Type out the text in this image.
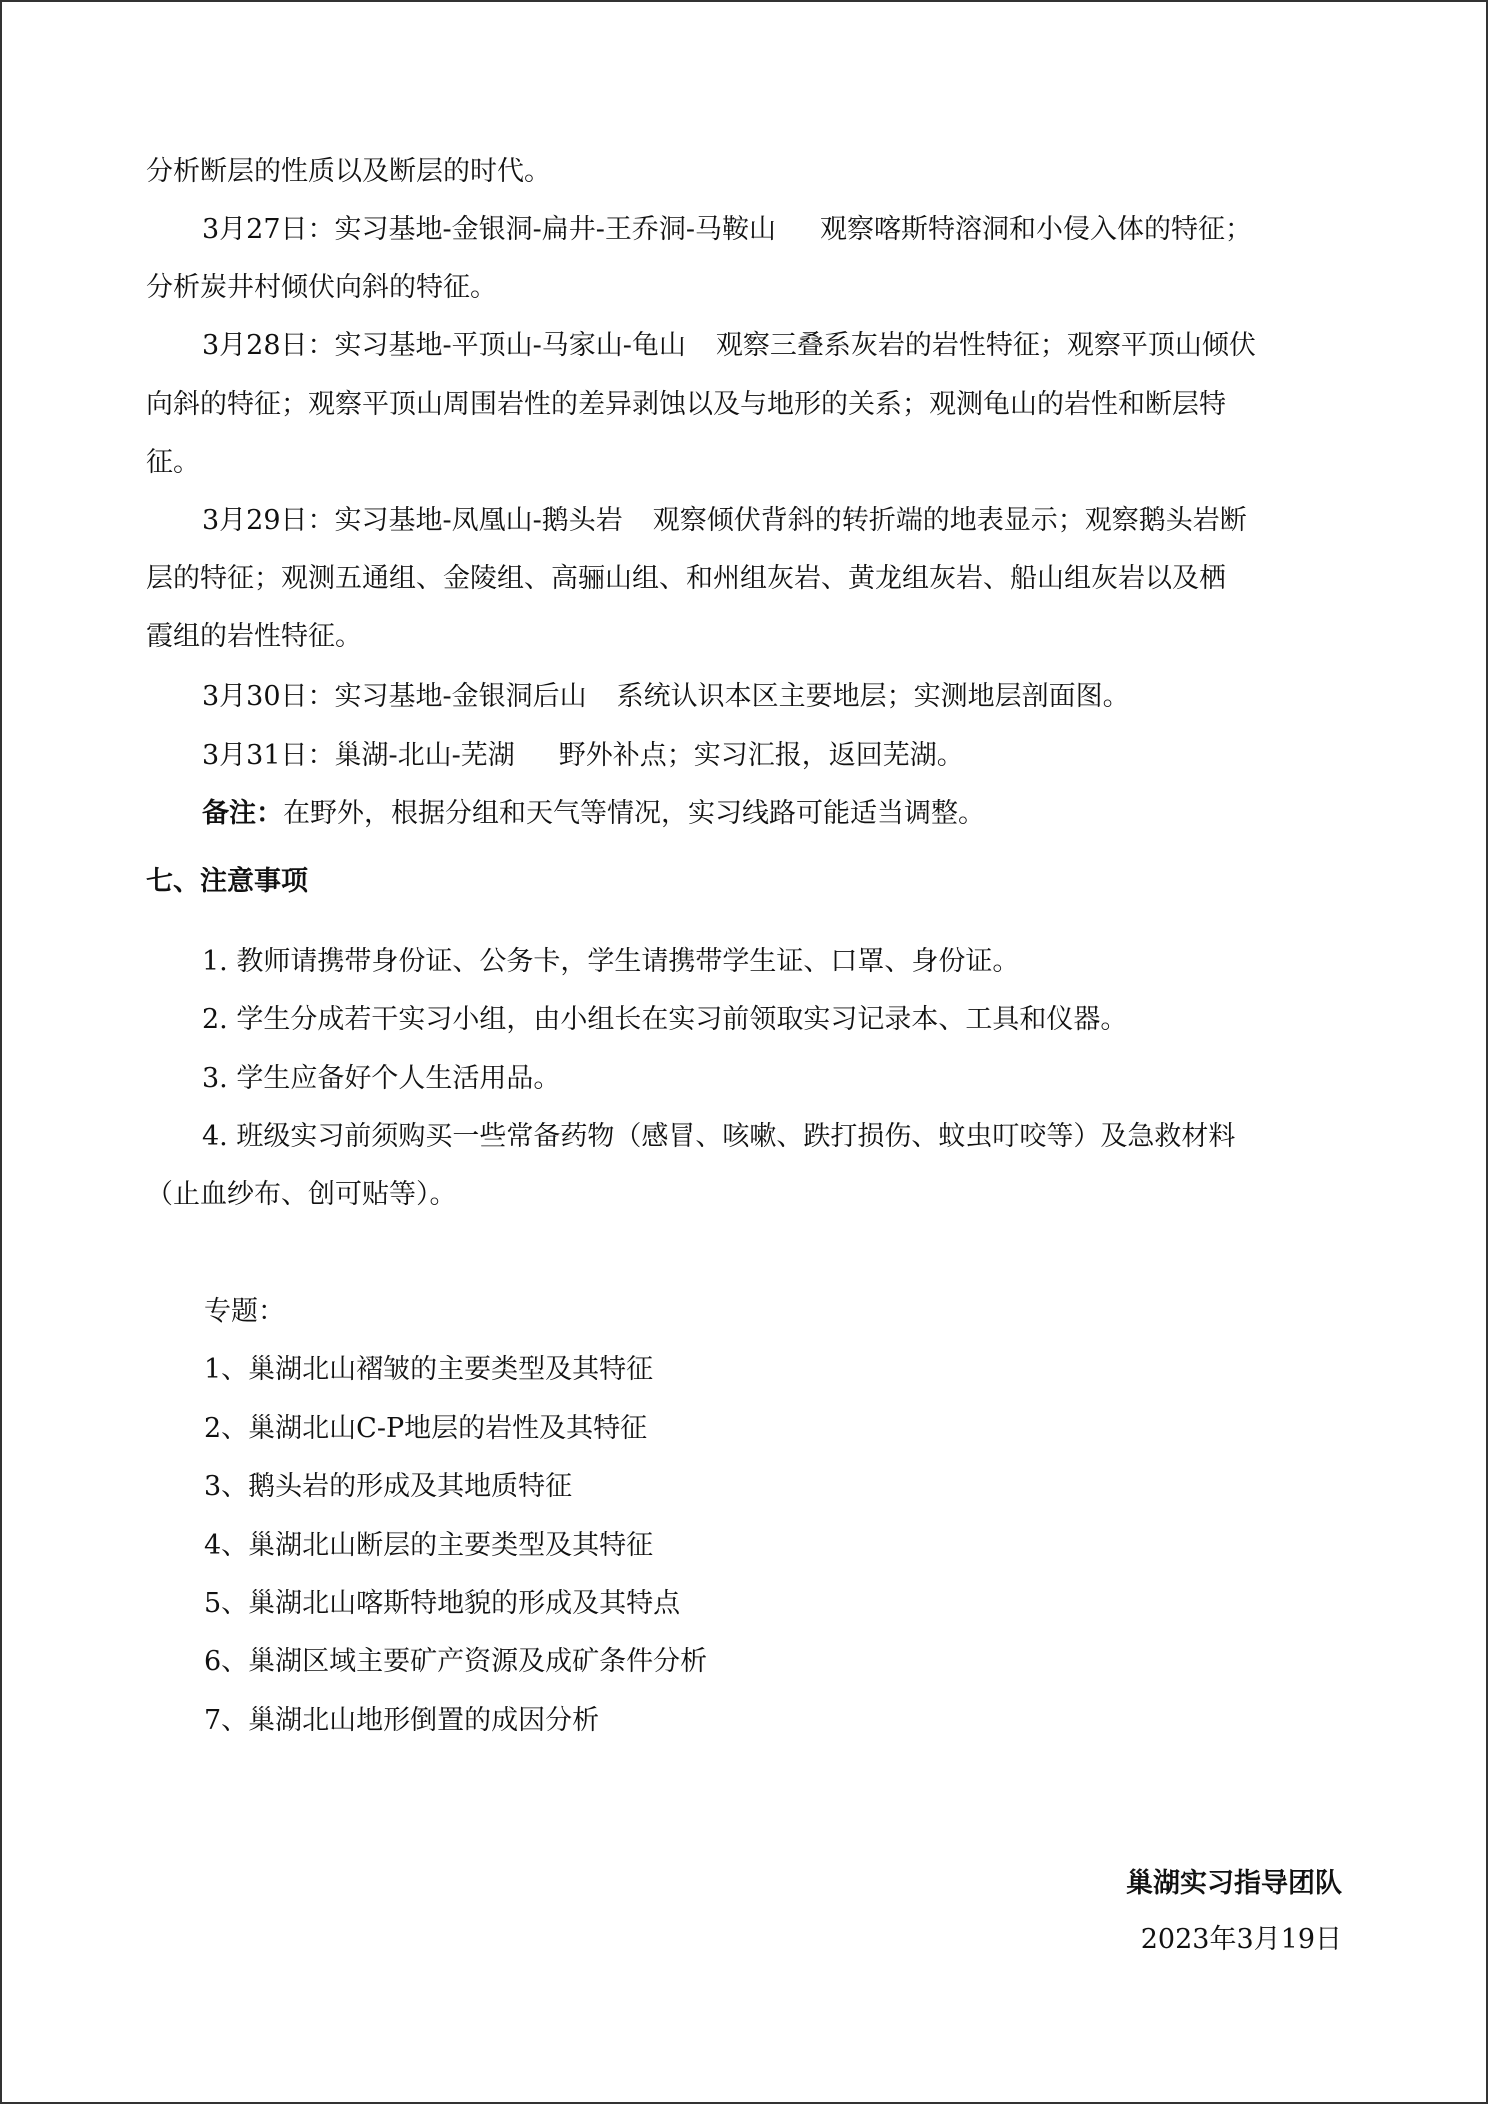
分析断层的性质以及断层的时代。

3月27日：实习基地-金银洞-扁井-王乔洞-马鞍山 观察喀斯特溶洞和小侵入体的特征；

分析炭井村倾伏向斜的特征。

3月28日：实习基地-平顶山-马家山-龟山 观察三叠系灰岩的岩性特征；观察平顶山倾伏

向斜的特征；观察平顶山周围岩性的差异剥蚀以及与地形的关系；观测龟山的岩性和断层特

征。

3月29日：实习基地-凤凰山-鹅头岩 观察倾伏背斜的转折端的地表显示；观察鹅头岩断

层的特征；观测五通组、金陵组、高骊山组、和州组灰岩、黄龙组灰岩、船山组灰岩以及栖

霞组的岩性特征。

3月30日：实习基地-金银洞后山 系统认识本区主要地层；实测地层剖面图。

3月31日：巢湖-北山-芜湖 野外补点；实习汇报，返回芜湖。

备注：在野外，根据分组和天气等情况，实习线路可能适当调整。

七、注意事项

1. 教师请携带身份证、公务卡，学生请携带学生证、口罩、身份证。

2. 学生分成若干实习小组，由小组长在实习前领取实习记录本、工具和仪器。

3. 学生应备好个人生活用品。

4. 班级实习前须购买一些常备药物（感冒、咳嗽、跌打损伤、蚊虫叮咬等）及急救材料

（止血纱布、创可贴等）。

专题：

1、巢湖北山褶皱的主要类型及其特征

2、巢湖北山C-P地层的岩性及其特征

3、鹅头岩的形成及其地质特征

4、巢湖北山断层的主要类型及其特征

5、巢湖北山喀斯特地貌的形成及其特点

6、巢湖区域主要矿产资源及成矿条件分析

7、巢湖北山地形倒置的成因分析

巢湖实习指导团队

2023年3月19日
